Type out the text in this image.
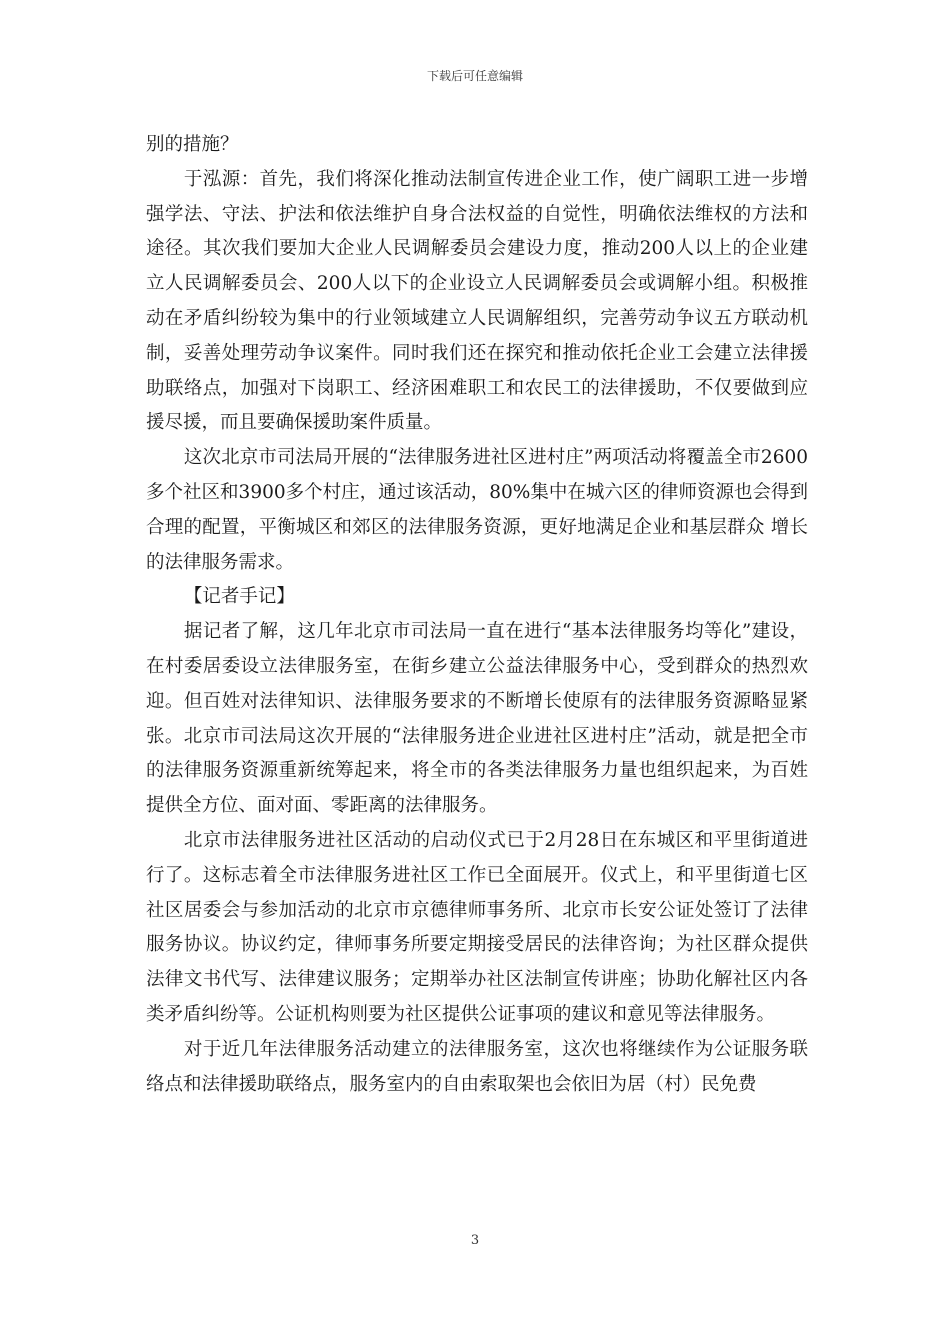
下载后可任意编辑

别的措施？

于泓源：首先，我们将深化推动法制宣传进企业工作，使广阔职工进一步增强学法、守法、护法和依法维护自身合法权益的自觉性，明确依法维权的方法和途径。其次我们要加大企业人民调解委员会建设力度，推动200人以上的企业建立人民调解委员会、200人以下的企业设立人民调解委员会或调解小组。积极推动在矛盾纠纷较为集中的行业领域建立人民调解组织，完善劳动争议五方联动机制，妥善处理劳动争议案件。同时我们还在探究和推动依托企业工会建立法律援助联络点，加强对下岗职工、经济困难职工和农民工的法律援助，不仅要做到应援尽援，而且要确保援助案件质量。

这次北京市司法局开展的“法律服务进社区进村庄”两项活动将覆盖全市2600多个社区和3900多个村庄，通过该活动，80%集中在城六区的律师资源也会得到合理的配置，平衡城区和郊区的法律服务资源，更好地满足企业和基层群众 增长的法律服务需求。

【记者手记】

据记者了解，这几年北京市司法局一直在进行“基本法律服务均等化”建设，在村委居委设立法律服务室，在街乡建立公益法律服务中心，受到群众的热烈欢迎。但百姓对法律知识、法律服务要求的不断增长使原有的法律服务资源略显紧张。北京市司法局这次开展的“法律服务进企业进社区进村庄”活动，就是把全市的法律服务资源重新统筹起来，将全市的各类法律服务力量也组织起来，为百姓提供全方位、面对面、零距离的法律服务。

北京市法律服务进社区活动的启动仪式已于2月28日在东城区和平里街道进行了。这标志着全市法律服务进社区工作已全面展开。仪式上，和平里街道七区社区居委会与参加活动的北京市京德律师事务所、北京市长安公证处签订了法律服务协议。协议约定，律师事务所要定期接受居民的法律咨询；为社区群众提供法律文书代写、法律建议服务；定期举办社区法制宣传讲座；协助化解社区内各类矛盾纠纷等。公证机构则要为社区提供公证事项的建议和意见等法律服务。

对于近几年法律服务活动建立的法律服务室，这次也将继续作为公证服务联络点和法律援助联络点，服务室内的自由索取架也会依旧为居（村）民免费

3
